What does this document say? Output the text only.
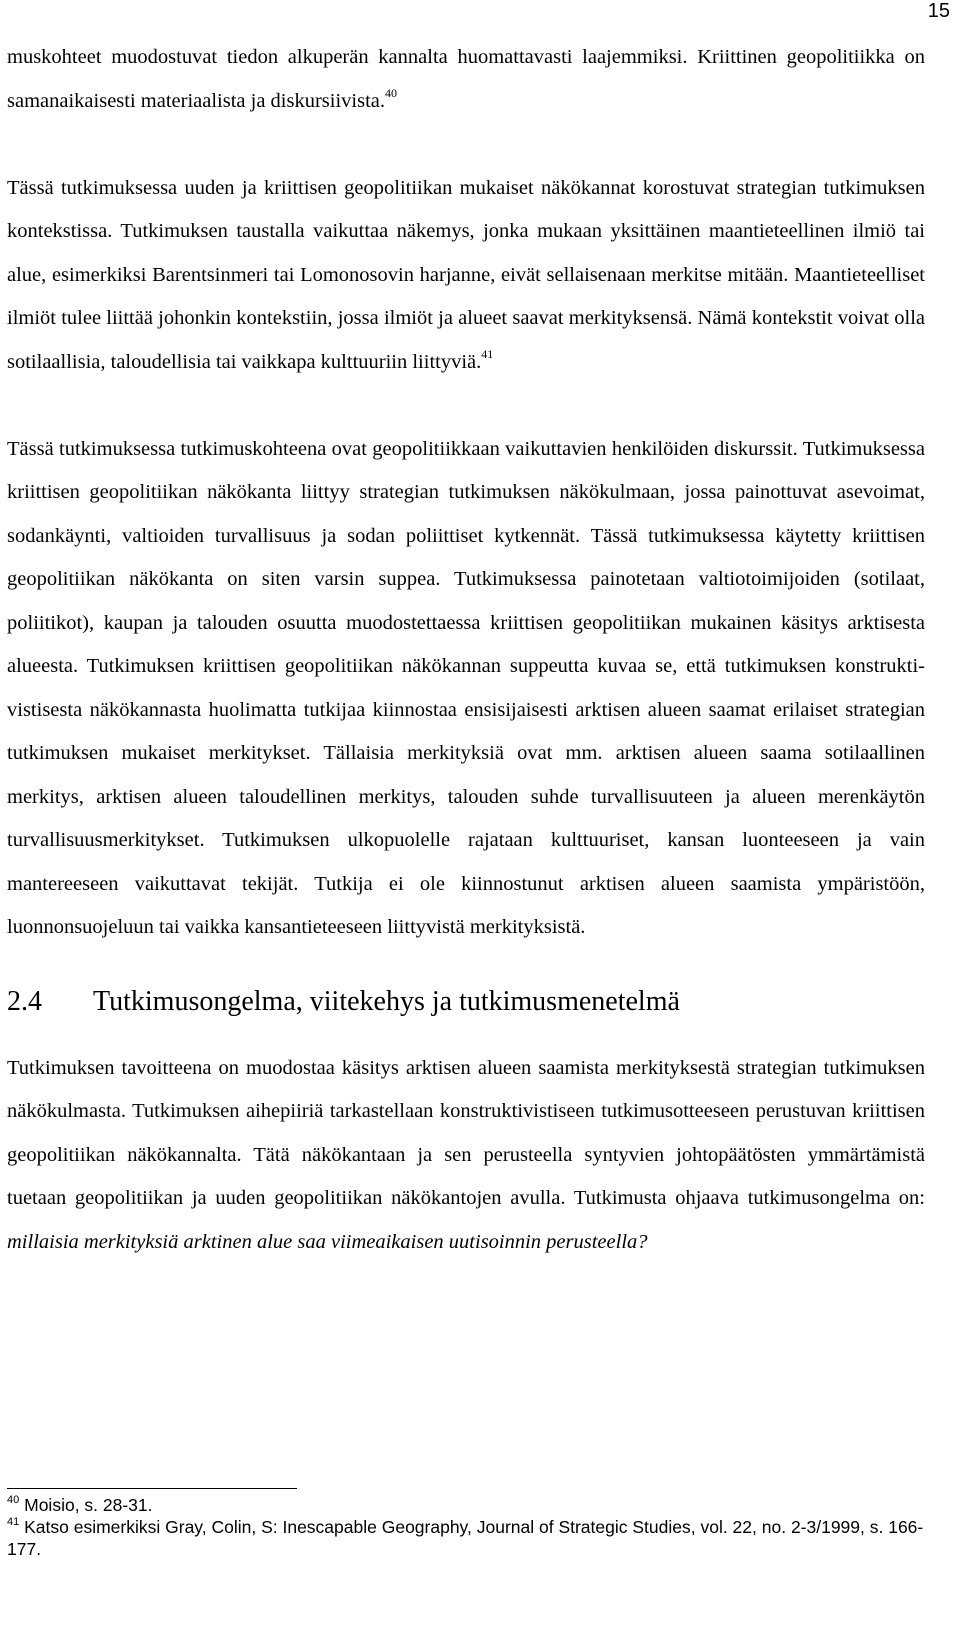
15

muskohteet muodostuvat tiedon alkuperän kannalta huomattavasti laajemmiksi. Kriittinen geopolitiikka on samanaikaisesti materiaalista ja diskursiivista.$^{40}$

Tässä tutkimuksessa uuden ja kriittisen geopolitiikan mukaiset näkökannat korostuvat strategian tutkimuksen kontekstissa. Tutkimuksen taustalla vaikuttaa näkemys, jonka mukaan yksittäinen maantieteellinen ilmiö tai alue, esimerkiksi Barentsinmeri tai Lomonosovin harjanne, eivät sellaisenaan merkitse mitään. Maantieteelliset ilmiöt tulee liittää johonkin kontekstiin, jossa ilmiöt ja alueet saavat merkityksensä. Nämä kontekstit voivat olla sotilaallisia, taloudellisia tai vaikkapa kulttuuriin liittyviä.$^{41}$

Tässä tutkimuksessa tutkimuskohteena ovat geopolitiikkaan vaikuttavien henkilöiden diskurssit. Tutkimuksessa kriittisen geopolitiikan näkökanta liittyy strategian tutkimuksen näkökulmaan, jossa painottuvat asevoimat, sodankäynti, valtioiden turvallisuus ja sodan poliittiset kytkennät. Tässä tutkimuksessa käytetty kriittisen geopolitiikan näkökanta on siten varsin suppea. Tutkimuksessa painotetaan valtiotoimijoiden (sotilaat, poliitikot), kaupan ja talouden osuutta muodostettaessa kriittisen geopolitiikan mukainen käsitys arktisesta alueesta. Tutkimuksen kriittisen geopolitiikan näkökannan suppeutta kuvaa se, että tutkimuksen konstruktivistisesta näkökannasta huolimatta tutkijaa kiinnostaa ensisijaisesti arktisen alueen saamat erilaiset strategian tutkimuksen mukaiset merkitykset. Tällaisia merkityksiä ovat mm. arktisen alueen saama sotilaallinen merkitys, arktisen alueen taloudellinen merkitys, talouden suhde turvallisuuteen ja alueen merenkäytön turvallisuusmerkitykset. Tutkimuksen ulkopuolelle rajataan kulttuuriset, kansan luonteeseen ja vain mantereeseen vaikuttavat tekijät. Tutkija ei ole kiinnostunut arktisen alueen saamista ympäristöön, luonnonsuojeluun tai vaikka kansantieteeseen liittyvistä merkityksistä.

2.4	Tutkimusongelma, viitekehys ja tutkimusmenetelmä

Tutkimuksen tavoitteena on muodostaa käsitys arktisen alueen saamista merkityksestä strategian tutkimuksen näkökulmasta. Tutkimuksen aihepiiriä tarkastellaan konstruktivistiseen tutkimusotteeseen perustuvan kriittisen geopolitiikan näkökannalta. Tätä näkökantaan ja sen perusteella syntyvien johtopäätösten ymmärtämistä tuetaan geopolitiikan ja uuden geopolitiikan näkökantojen avulla. Tutkimusta ohjaava tutkimusongelma on: millaisia merkityksiä arktinen alue saa viimeaikaisen uutisoinnin perusteella?

$^{40}$ Moisio, s. 28-31.
$^{41}$ Katso esimerkiksi Gray, Colin, S: Inescapable Geography, Journal of Strategic Studies, vol. 22, no. 2-3/1999, s. 166-177.
